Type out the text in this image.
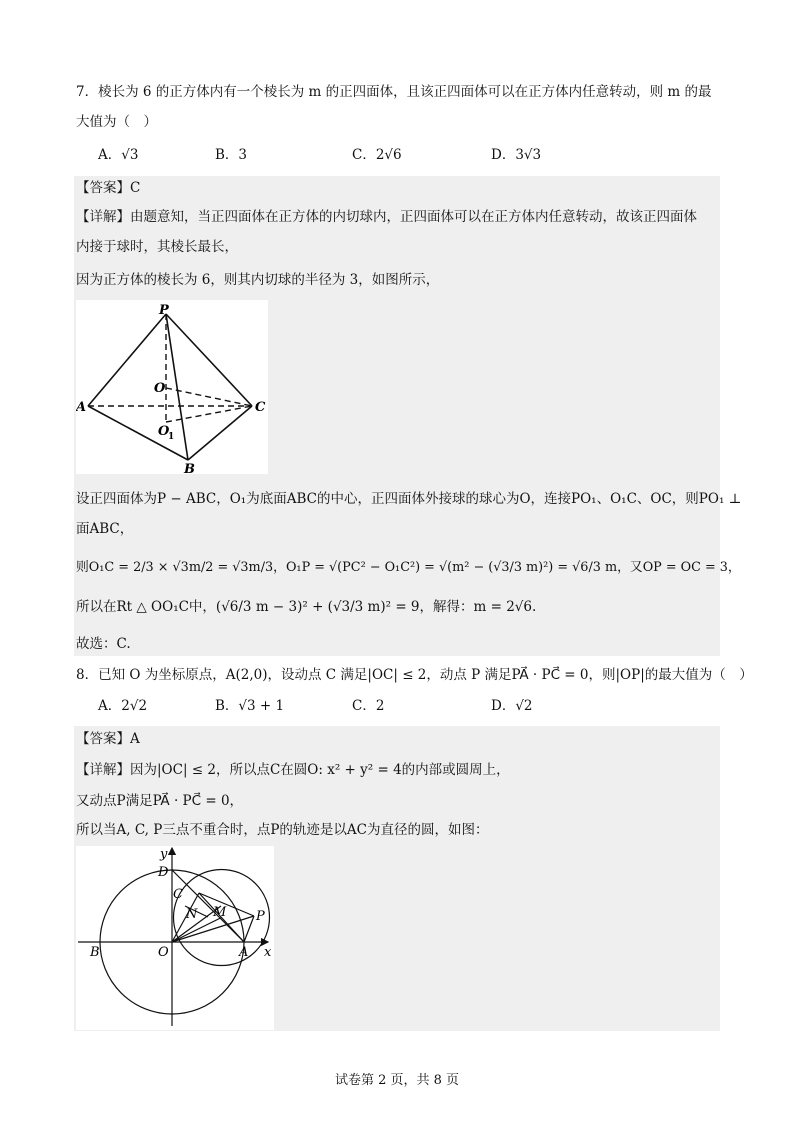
7．棱长为 6 的正方体内有一个棱长为 m 的正四面体，且该正四面体可以在正方体内任意转动，则 m 的最
大值为（　）
A．√3	B．3	C．2√6	D．3√3
【答案】C
【详解】由题意知，当正四面体在正方体的内切球内，正四面体可以在正方体内任意转动，故该正四面体
内接于球时，其棱长最长，
因为正方体的棱长为 6，则其内切球的半径为 3，如图所示，
P
O
A	C
O
1
B
设正四面体为P − ABC，O₁为底面ABC的中心，正四面体外接球的球心为O，连接PO₁、O₁C、OC，则PO₁ ⊥
面ABC，
则O₁C = 2/3 × √3m/2 = √3m/3，O₁P = √(PC² − O₁C²) = √(m² − (√3/3 m)²) = √6/3 m，又OP = OC = 3，
所以在Rt △ OO₁C中，(√6/3 m − 3)² + (√3/3 m)² = 9，解得：m = 2√6.
故选：C.
8．已知 O 为坐标原点，A(2,0)，设动点 C 满足|OC| ≤ 2，动点 P 满足PA⃗ · PC⃗ = 0，则|OP|的最大值为（　）
A．2√2	B．√3 + 1	C．2	D．√2
【答案】A
【详解】因为|OC| ≤ 2，所以点C在圆O: x² + y² = 4的内部或圆周上，
又动点P满足PA⃗ · PC⃗ = 0，
所以当A, C, P三点不重合时，点P的轨迹是以AC为直径的圆，如图：
y
D
C
N M P
B	O	A x
试卷第 2 页，共 8 页
